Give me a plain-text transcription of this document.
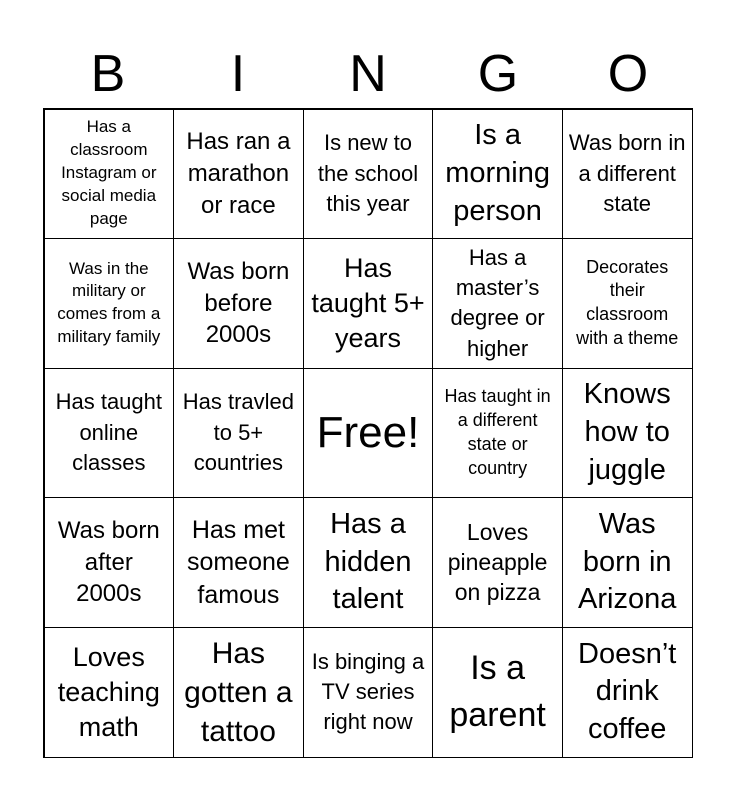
B	I	N	G	O
Has a classroom Instagram or social media page
Has ran a marathon or race
Is new to the school this year
Is a morning person
Was born in a different state
Was in the military or comes from a military family
Was born before 2000s
Has taught 5+ years
Has a master’s degree or higher
Decorates their classroom with a theme
Has taught online classes
Has travled to 5+ countries
Free!
Has taught in a different state or country
Knows how to juggle
Was born after 2000s
Has met someone famous
Has a hidden talent
Loves pineapple on pizza
Was born in Arizona
Loves teaching math
Has gotten a tattoo
Is binging a TV series right now
Is a parent
Doesn’t drink coffee
